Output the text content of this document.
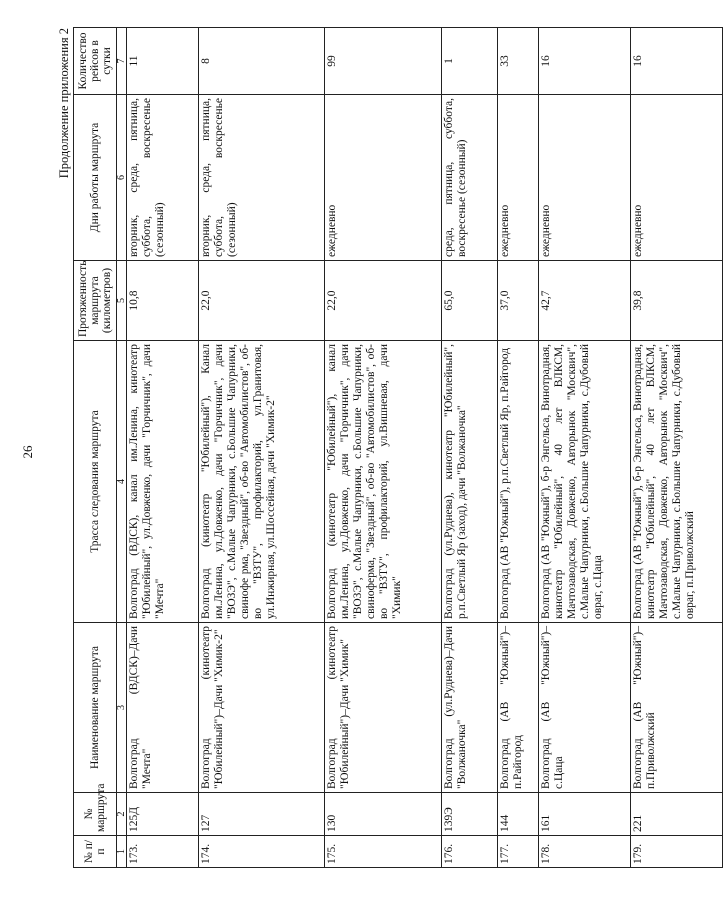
26
Продолжение приложения 2
№ п/п	№ маршрута	Наименование маршрута	Трасса следования маршрута	Протяженность маршрута (километров)	Дни работы маршрута	Количество рейсов в сутки
1	2	3	4	5	6	7
173.	125Д	Волгоград (ВДСК)–Дачи "Мечта"	Волгоград (ВДСК), канал им.Ленина, кинотеатр "Юбилейный", ул.Довженко, дачи "Горчичник", дачи "Мечта"	10,8	вторник, среда, пятница, суббота, воскресенье (сезонный)	11
174.	127	Волгоград (кинотеатр "Юбилейный")–Дачи "Химик-2"	Волгоград (кинотеатр "Юбилейный"), Канал им.Ленина, ул.Довженко, дачи "Горчичник", дачи "ВОЗЭ", с.Малые Чапурники, с.Большие Чапурники, свинофе рма, "Звездный", об-во "Автомобилистов", об-во "ВЗТУ", профилакторий, ул.Гранитовая, ул.Инжирная, ул.Шоссейная, дачи "Химик-2"	22,0	вторник, среда, пятница, суббота, воскресенье (сезонный)	8
175.	130	Волгоград (кинотеатр "Юбилейный")–Дачи "Химик"	Волгоград (кинотеатр "Юбилейный"), канал им.Ленина, ул.Довженко, дачи "Горчичник", дачи "ВОЗЭ", с.Малые Чапурники, с.Большие Чапурники, свиноферма, "Звездный", об-во "Автомобилистов", об-во "ВЗТУ", профилакторий, ул.Вишневая, дачи "Химик"	22,0	ежедневно	99
176.	139Э	Волгоград (ул.Руднева)–Дачи "Волжаночка"	Волгоград (ул.Руднева), кинотеатр "Юбилейный", р.п.Светлый Яр (заход), дачи "Волжаночка"	65,0	среда, пятница, суббота, воскресенье (сезонный)	1
177.	144	Волгоград (АВ "Южный")–п.Райгород	Волгоград (АВ "Южный"), р.п.Светлый Яр, п.Райгород	37,0	ежедневно	33
178.	161	Волгоград (АВ "Южный")–с.Цаца	Волгоград (АВ "Южный"), б-р Энгельса, Винотрадная, кинотеатр "Юбилейный", 40 лет ВЛКСМ, Мачтозаводская, Довженко, Авторынок "Москвич", с.Малые Чапурники, с.Большие Чапурники, с.Дубовый овраг, с.Цаца	42,7	ежедневно	16
179.	221	Волгоград (АВ "Южный")–п.Приволжский	Волгоград (АВ "Южный"), б-р Энгельса, Винотрадная, кинотеатр "Юбилейный", 40 лет ВЛКСМ, Мачтозаводская, Довженко, Авторынок "Москвич", с.Малые Чапурники, с.Большие Чапурники, с.Дубовый овраг, п.Приволжский	39,8	ежедневно	16
